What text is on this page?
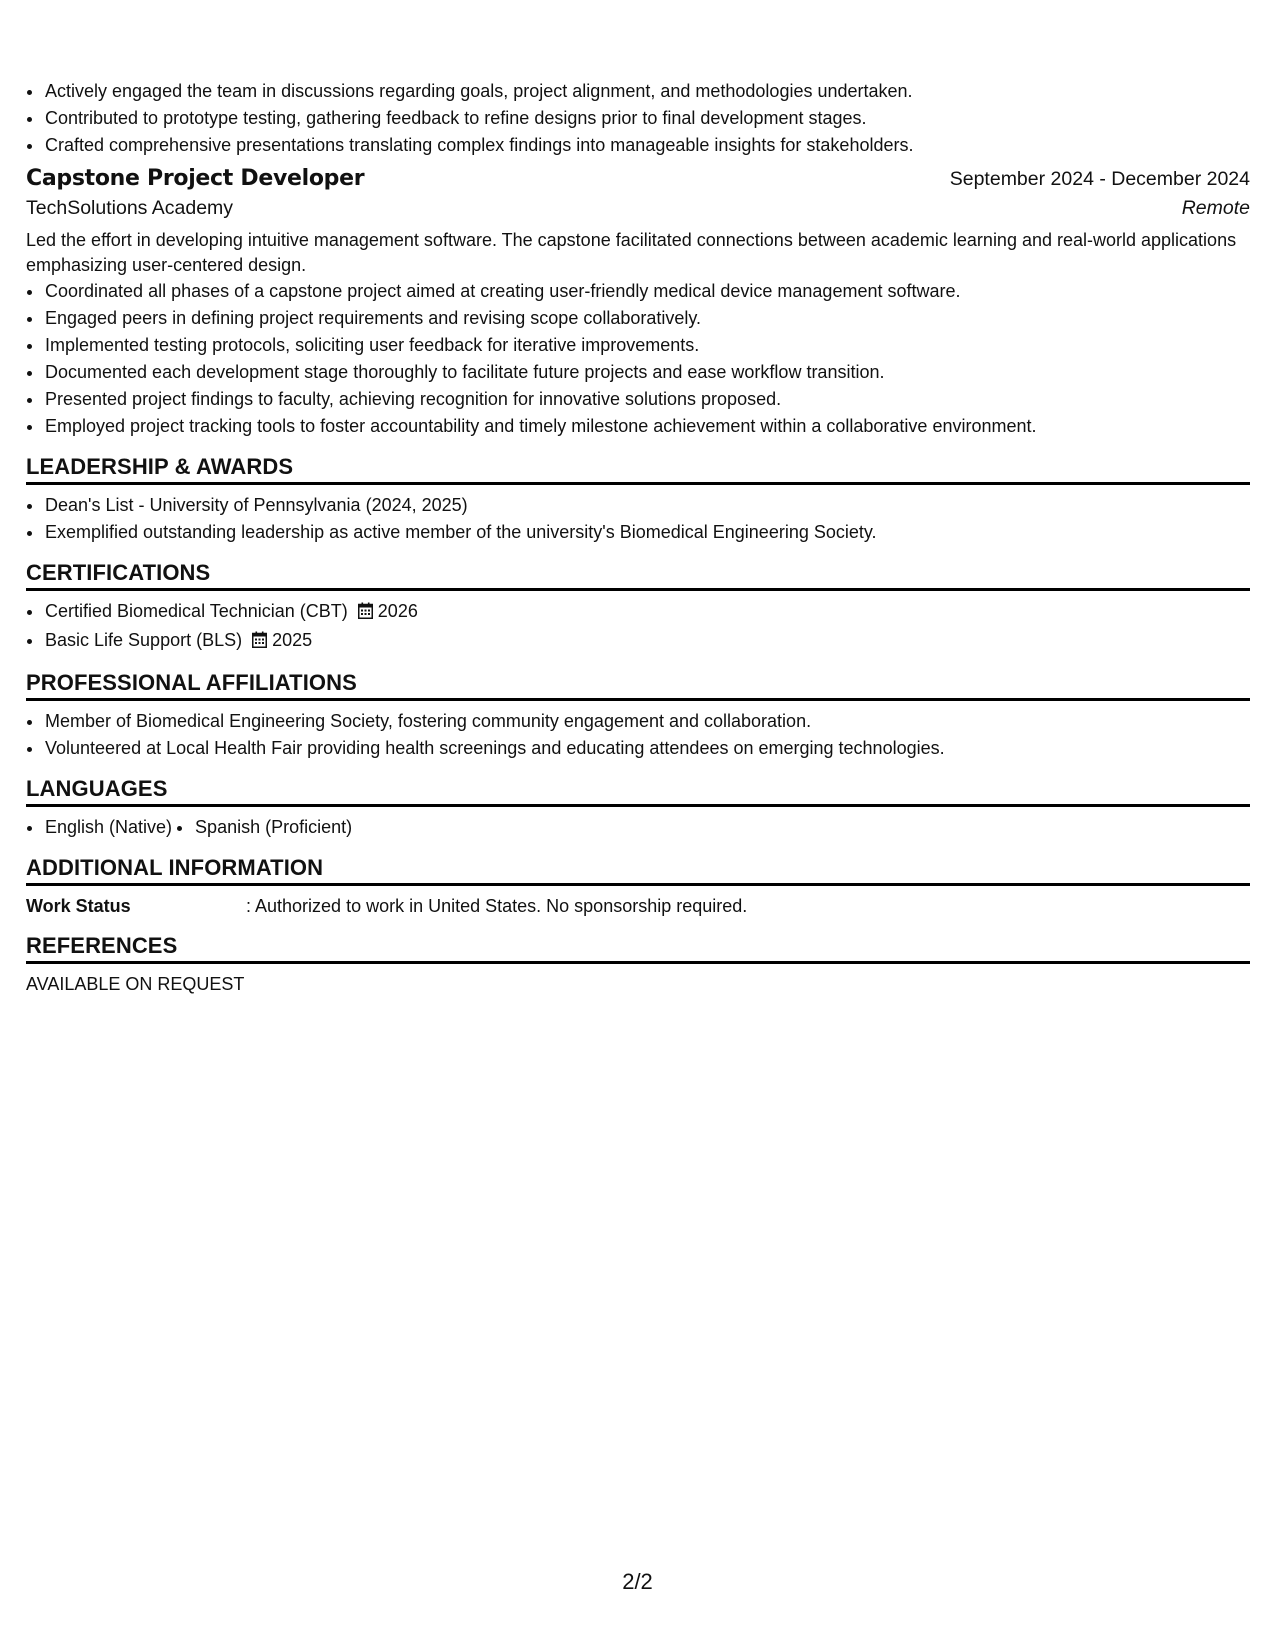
• Actively engaged the team in discussions regarding goals, project alignment, and methodologies undertaken.
• Contributed to prototype testing, gathering feedback to refine designs prior to final development stages.
• Crafted comprehensive presentations translating complex findings into manageable insights for stakeholders.
Capstone Project Developer	September 2024 - December 2024
TechSolutions Academy	Remote
Led the effort in developing intuitive management software. The capstone facilitated connections between academic learning and real-world applications emphasizing user-centered design.
• Coordinated all phases of a capstone project aimed at creating user-friendly medical device management software.
• Engaged peers in defining project requirements and revising scope collaboratively.
• Implemented testing protocols, soliciting user feedback for iterative improvements.
• Documented each development stage thoroughly to facilitate future projects and ease workflow transition.
• Presented project findings to faculty, achieving recognition for innovative solutions proposed.
• Employed project tracking tools to foster accountability and timely milestone achievement within a collaborative environment.
LEADERSHIP & AWARDS
• Dean's List - University of Pennsylvania (2024, 2025)
• Exemplified outstanding leadership as active member of the university's Biomedical Engineering Society.
CERTIFICATIONS
• Certified Biomedical Technician (CBT) 2026
• Basic Life Support (BLS) 2025
PROFESSIONAL AFFILIATIONS
• Member of Biomedical Engineering Society, fostering community engagement and collaboration.
• Volunteered at Local Health Fair providing health screenings and educating attendees on emerging technologies.
LANGUAGES
• English (Native)
• Spanish (Proficient)
ADDITIONAL INFORMATION
Work Status	: Authorized to work in United States. No sponsorship required.
REFERENCES
AVAILABLE ON REQUEST
2/2
